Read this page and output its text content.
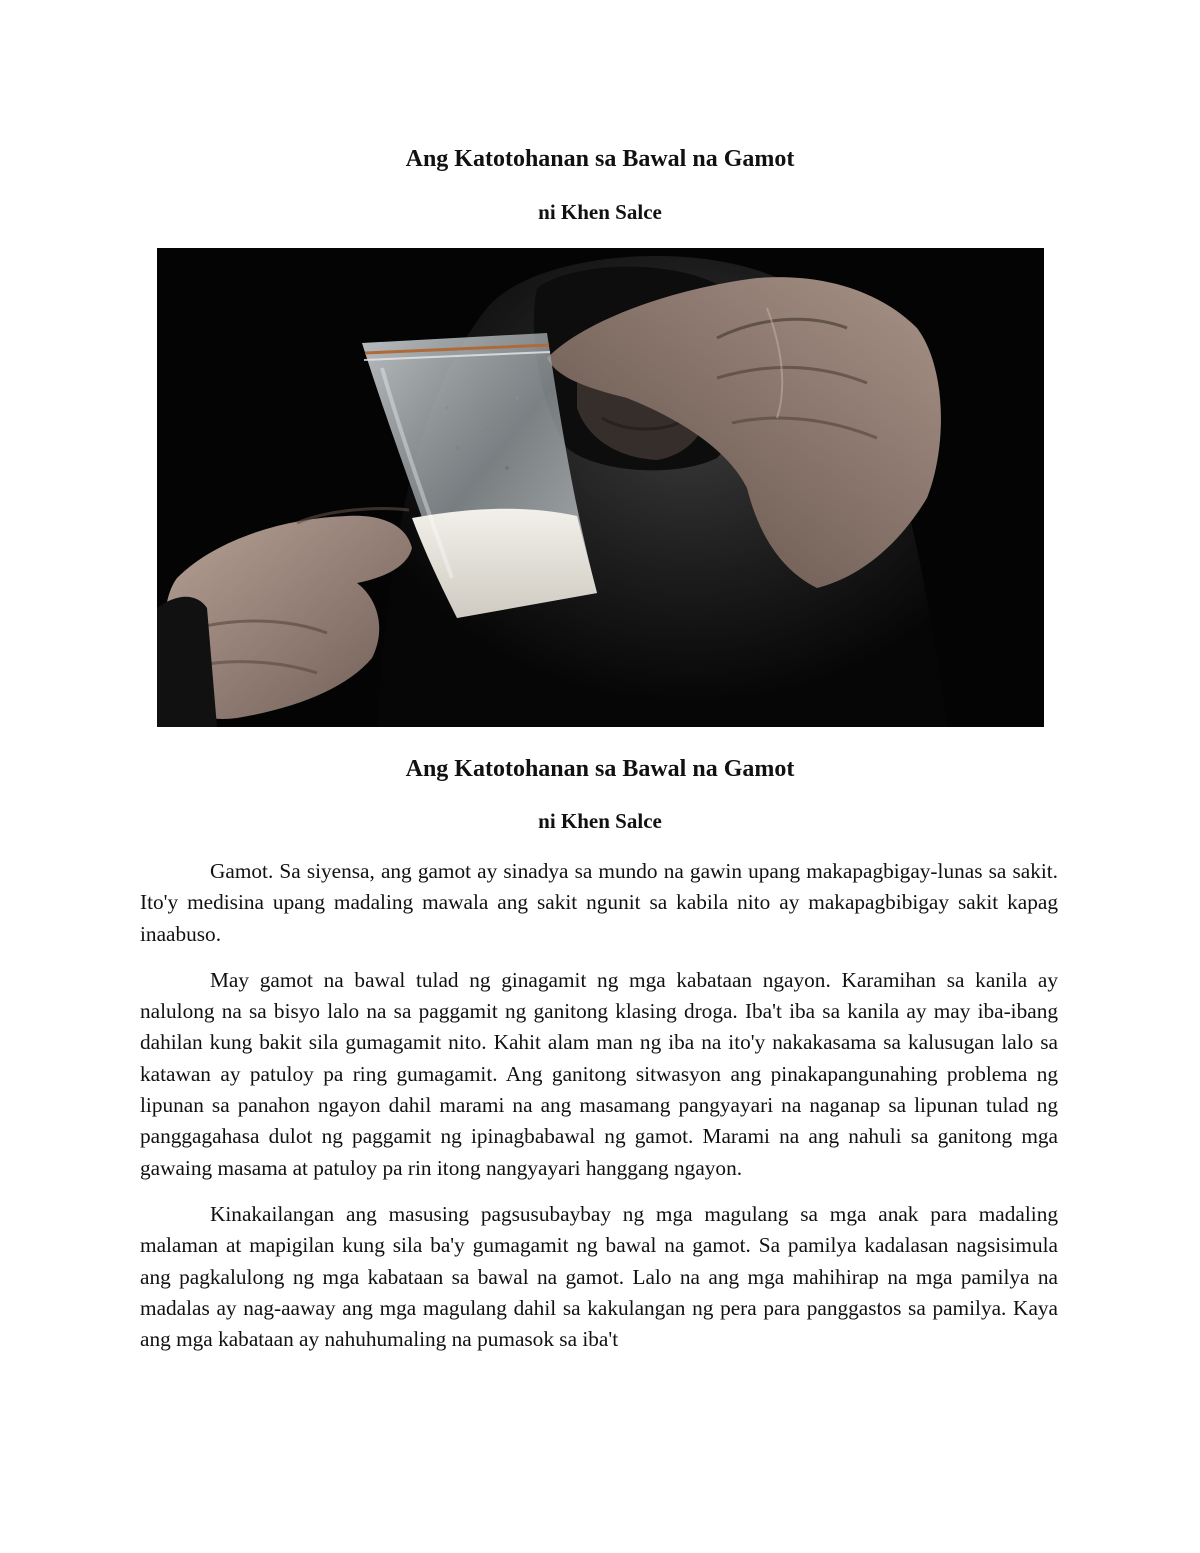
Ang Katotohanan sa Bawal na Gamot
ni Khen Salce
Ang Katotohanan sa Bawal na Gamot
ni Khen Salce

Gamot. Sa siyensa, ang gamot ay sinadya sa mundo na gawin upang makapagbigay-lunas sa sakit. Ito'y medisina upang madaling mawala ang sakit ngunit sa kabila nito ay makapagbibigay sakit kapag inaabuso.

May gamot na bawal tulad ng ginagamit ng mga kabataan ngayon. Karamihan sa kanila ay nalulong na sa bisyo lalo na sa paggamit ng ganitong klasing droga. Iba't iba sa kanila ay may iba-ibang dahilan kung bakit sila gumagamit nito. Kahit alam man ng iba na ito'y nakakasama sa kalusugan lalo sa katawan ay patuloy pa ring gumagamit. Ang ganitong sitwasyon ang pinakapangunahing problema ng lipunan sa panahon ngayon dahil marami na ang masamang pangyayari na naganap sa lipunan tulad ng panggagahasa dulot ng paggamit ng ipinagbabawal ng gamot. Marami na ang nahuli sa ganitong mga gawaing masama at patuloy pa rin itong nangyayari hanggang ngayon.

Kinakailangan ang masusing pagsusubaybay ng mga magulang sa mga anak para madaling malaman at mapigilan kung sila ba'y gumagamit ng bawal na gamot. Sa pamilya kadalasan nagsisimula ang pagkalulong ng mga kabataan sa bawal na gamot. Lalo na ang mga mahihirap na mga pamilya na madalas ay nag-aaway ang mga magulang dahil sa kakulangan ng pera para panggastos sa pamilya. Kaya ang mga kabataan ay nahuhumaling na pumasok sa iba't
